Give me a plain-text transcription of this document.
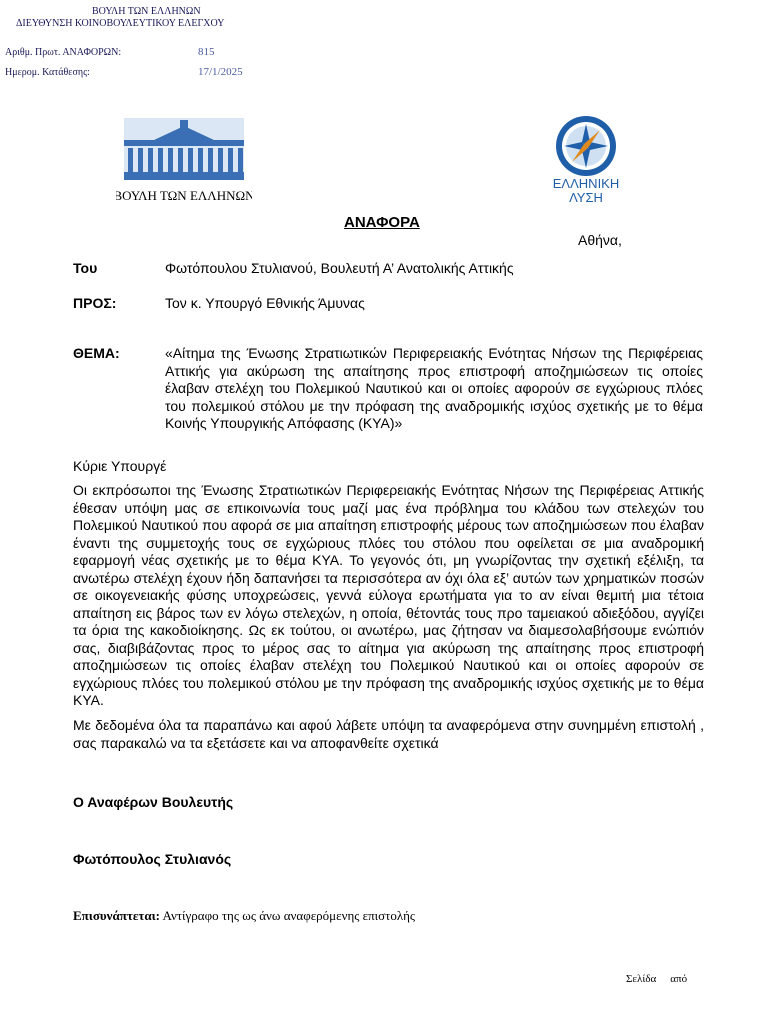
ΒΟΥΛΗ ΤΩΝ ΕΛΛΗΝΩΝ
ΔΙΕΥΘΥΝΣΗ ΚΟΙΝΟΒΟΥΛΕΥΤΙΚΟΥ ΕΛΕΓΧΟΥ
Αριθμ. Πρωτ. ΑΝΑΦΟΡΩΝ:	815
Ημερομ. Κατάθεσης:	17/1/2025
ΒΟΥΛΗ ΤΩΝ ΕΛΛΗΝΩΝ
ΕΛΛΗΝΙΚΗ
ΛΥΣΗ
ΑΝΑΦΟΡΑ
Αθήνα,
Του	Φωτόπουλου Στυλιανού, Βουλευτή Α’ Ανατολικής Αττικής
ΠΡΟΣ:	Τον κ. Υπουργό Εθνικής Άμυνας
ΘΕΜΑ:	«Αίτημα της Ένωσης Στρατιωτικών Περιφερειακής Ενότητας Νήσων της Περιφέρειας Αττικής για ακύρωση της απαίτησης προς επιστροφή αποζημιώσεων τις οποίες έλαβαν στελέχη του Πολεμικού Ναυτικού και οι οποίες αφορούν σε εγχώριους πλόες του πολεμικού στόλου με την πρόφαση της αναδρομικής ισχύος σχετικής με το θέμα Κοινής Υπουργικής Απόφασης (ΚΥΑ)»
Κύριε Υπουργέ
Οι εκπρόσωποι της Ένωσης Στρατιωτικών Περιφερειακής Ενότητας Νήσων της Περιφέρειας Αττικής έθεσαν υπόψη μας σε επικοινωνία τους μαζί μας ένα πρόβλημα του κλάδου των στελεχών του Πολεμικού Ναυτικού που αφορά σε μια απαίτηση επιστροφής μέρους των αποζημιώσεων που έλαβαν έναντι της συμμετοχής τους σε εγχώριους πλόες του στόλου που οφείλεται σε μια αναδρομική εφαρμογή νέας σχετικής με το θέμα ΚΥΑ. Το γεγονός ότι, μη γνωρίζοντας την σχετική εξέλιξη, τα ανωτέρω στελέχη έχουν ήδη δαπανήσει τα περισσότερα αν όχι όλα εξ’ αυτών των χρηματικών ποσών σε οικογενειακής φύσης υποχρεώσεις, γεννά εύλογα ερωτήματα για το αν είναι θεμιτή μια τέτοια απαίτηση εις βάρος των εν λόγω στελεχών, η οποία, θέτοντάς τους προ ταμειακού αδιεξόδου, αγγίζει τα όρια της κακοδιοίκησης. Ως εκ τούτου, οι ανωτέρω, μας ζήτησαν να διαμεσολαβήσουμε ενώπιόν σας, διαβιβάζοντας προς το μέρος σας το αίτημα για ακύρωση της απαίτησης προς επιστροφή αποζημιώσεων τις οποίες έλαβαν στελέχη του Πολεμικού Ναυτικού και οι οποίες αφορούν σε εγχώριους πλόες του πολεμικού στόλου με την πρόφαση της αναδρομικής ισχύος σχετικής με το θέμα ΚΥΑ.
Με δεδομένα όλα τα παραπάνω και αφού λάβετε υπόψη τα αναφερόμενα στην συνημμένη επιστολή , σας παρακαλώ να τα εξετάσετε και να αποφανθείτε σχετικά
Ο Αναφέρων Βουλευτής
Φωτόπουλος Στυλιανός
Επισυνάπτεται: Αντίγραφο της ως άνω αναφερόμενης επιστολής
Σελίδα από
